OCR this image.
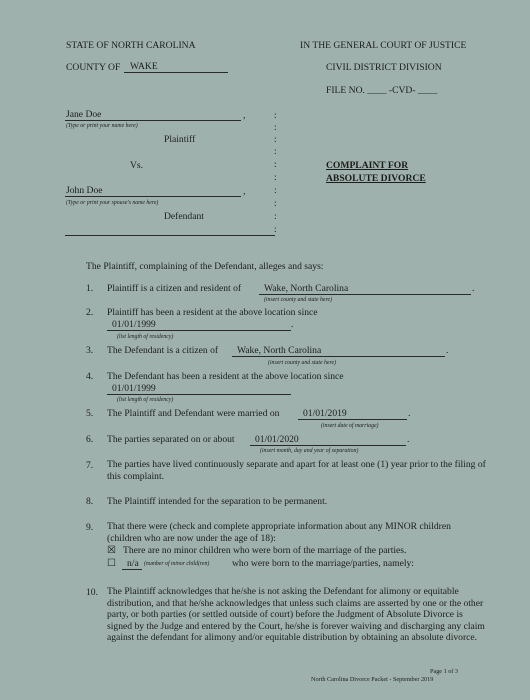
STATE OF NORTH CAROLINA	IN THE GENERAL COURT OF JUSTICE
COUNTY OF WAKE	CIVIL DISTRICT DIVISION
FILE NO. ____ -CVD- ____
Jane Doe	,
(Type or print your name here)
Plaintiff
Vs.
John Doe	,
(Type or print your spouse's name here)
Defendant
:
:
:
:
:
:
:
:
:
:
COMPLAINT FOR
ABSOLUTE DIVORCE
The Plaintiff, complaining of the Defendant, alleges and says:
1. Plaintiff is a citizen and resident of Wake, North Carolina	.
(insert county and state here)
2. Plaintiff has been a resident at the above location since
01/01/1999	.
(list length of residency)
3. The Defendant is a citizen of Wake, North Carolina	.
(insert county and state here)
4. The Defendant has been a resident at the above location since
01/01/1999
(list length of residency)
5. The Plaintiff and Defendant were married on 01/01/2019	.
(insert date of marriage)
6. The parties separated on or about 01/01/2020	.
(insert month, day and year of separation)
7. The parties have lived continuously separate and apart for at least one (1) year prior to the filing of this complaint.
8. The Plaintiff intended for the separation to be permanent.
9. That there were (check and complete appropriate information about any MINOR children (children who are now under the age of 18):
☒ There are no minor children who were born of the marriage of the parties.
☐ n/a (number of minor child(ren) who were born to the marriage/parties, namely:
10. The Plaintiff acknowledges that he/she is not asking the Defendant for alimony or equitable distribution, and that he/she acknowledges that unless such claims are asserted by one or the other party, or both parties (or settled outside of court) before the Judgment of Absolute Divorce is signed by the Judge and entered by the Court, he/she is forever waiving and discharging any claim against the defendant for alimony and/or equitable distribution by obtaining an absolute divorce.
Page 1 of 3
North Carolina Divorce Packet - September 2019
